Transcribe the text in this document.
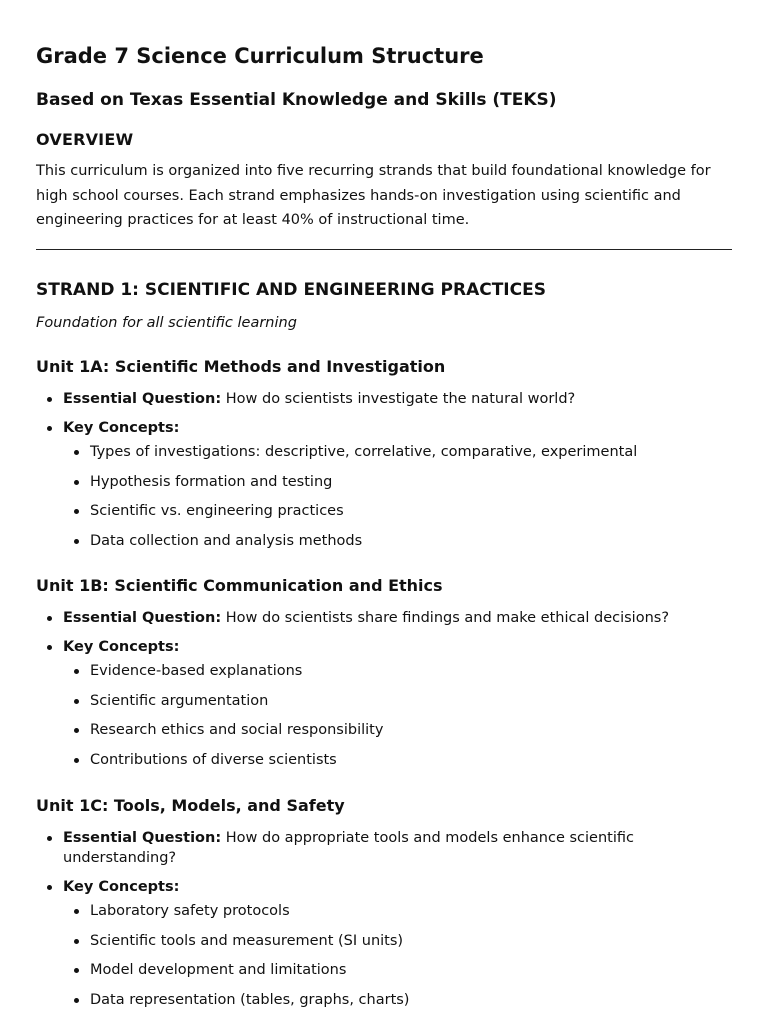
Grade 7 Science Curriculum Structure
Based on Texas Essential Knowledge and Skills (TEKS)
OVERVIEW

This curriculum is organized into five recurring strands that build foundational knowledge for high school courses. Each strand emphasizes hands-on investigation using scientific and engineering practices for at least 40% of instructional time.

STRAND 1: SCIENTIFIC AND ENGINEERING PRACTICES

Foundation for all scientific learning

Unit 1A: Scientific Methods and Investigation
Essential Question: How do scientists investigate the natural world?
Key Concepts:
Types of investigations: descriptive, correlative, comparative, experimental
Hypothesis formation and testing
Scientific vs. engineering practices
Data collection and analysis methods
Unit 1B: Scientific Communication and Ethics
Essential Question: How do scientists share findings and make ethical decisions?
Key Concepts:
Evidence-based explanations
Scientific argumentation
Research ethics and social responsibility
Contributions of diverse scientists
Unit 1C: Tools, Models, and Safety
Essential Question: How do appropriate tools and models enhance scientific understanding?
Key Concepts:
Laboratory safety protocols
Scientific tools and measurement (SI units)
Model development and limitations
Data representation (tables, graphs, charts)
